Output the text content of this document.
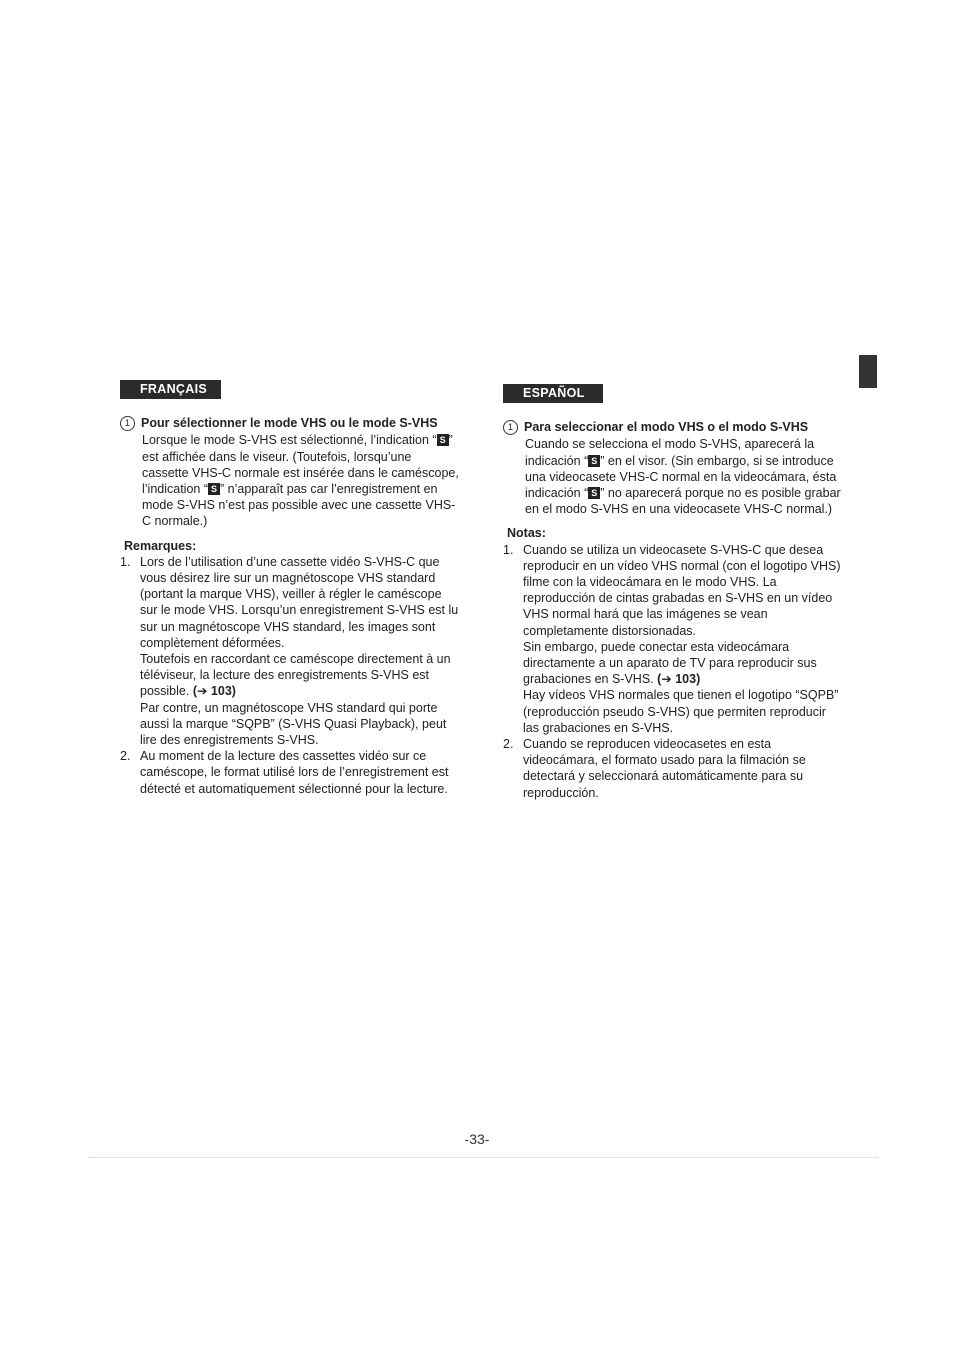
FRANÇAIS
1 Pour sélectionner le mode VHS ou le mode S-VHS

Lorsque le mode S-VHS est sélectionné, l’indication “ S ” est affichée dans le viseur. (Toutefois, lorsqu’une cassette VHS-C normale est insérée dans le caméscope, l’indication “ S ” n’apparaît pas car l’enregistrement en mode S-VHS n’est pas possible avec une cassette VHS-C normale.)

Remarques:
1. Lors de l’utilisation d’une cassette vidéo S-VHS-C que vous désirez lire sur un magnétoscope VHS standard (portant la marque VHS), veiller à régler le caméscope sur le mode VHS. Lorsqu’un enregistrement S-VHS est lu sur un magnétoscope VHS standard, les images sont complètement déformées.

Toutefois en raccordant ce caméscope directement à un téléviseur, la lecture des enregistrements S-VHS est possible. (➔ 103)

Par contre, un magnétoscope VHS standard qui porte aussi la marque “SQPB” (S-VHS Quasi Playback), peut lire des enregistrements S-VHS.

2. Au moment de la lecture des cassettes vidéo sur ce caméscope, le format utilisé lors de l’enregistrement est détecté et automatiquement sélectionné pour la lecture.

ESPAÑOL
1 Para seleccionar el modo VHS o el modo S-VHS

Cuando se selecciona el modo S-VHS, aparecerá la indicación “ S ” en el visor. (Sin embargo, si se introduce una videocasete VHS-C normal en la videocámara, ésta indicación “ S ” no aparecerá porque no es posible grabar en el modo S-VHS en una videocasete VHS-C normal.)

Notas:
1. Cuando se utiliza un videocasete S-VHS-C que desea reproducir en un vídeo VHS normal (con el logotipo VHS) filme con la videocámara en le modo VHS. La reproducción de cintas grabadas en S-VHS en un vídeo VHS normal hará que las imágenes se vean completamente distorsionadas.

Sin embargo, puede conectar esta videocámara directamente a un aparato de TV para reproducir sus grabaciones en S-VHS. (➔ 103)

Hay vídeos VHS normales que tienen el logotipo “SQPB” (reproducción pseudo S-VHS) que permiten reproducir las grabaciones en S-VHS.

2. Cuando se reproducen videocasetes en esta videocámara, el formato usado para la filmación se detectará y seleccionará automáticamente para su reproducción.

-33-
